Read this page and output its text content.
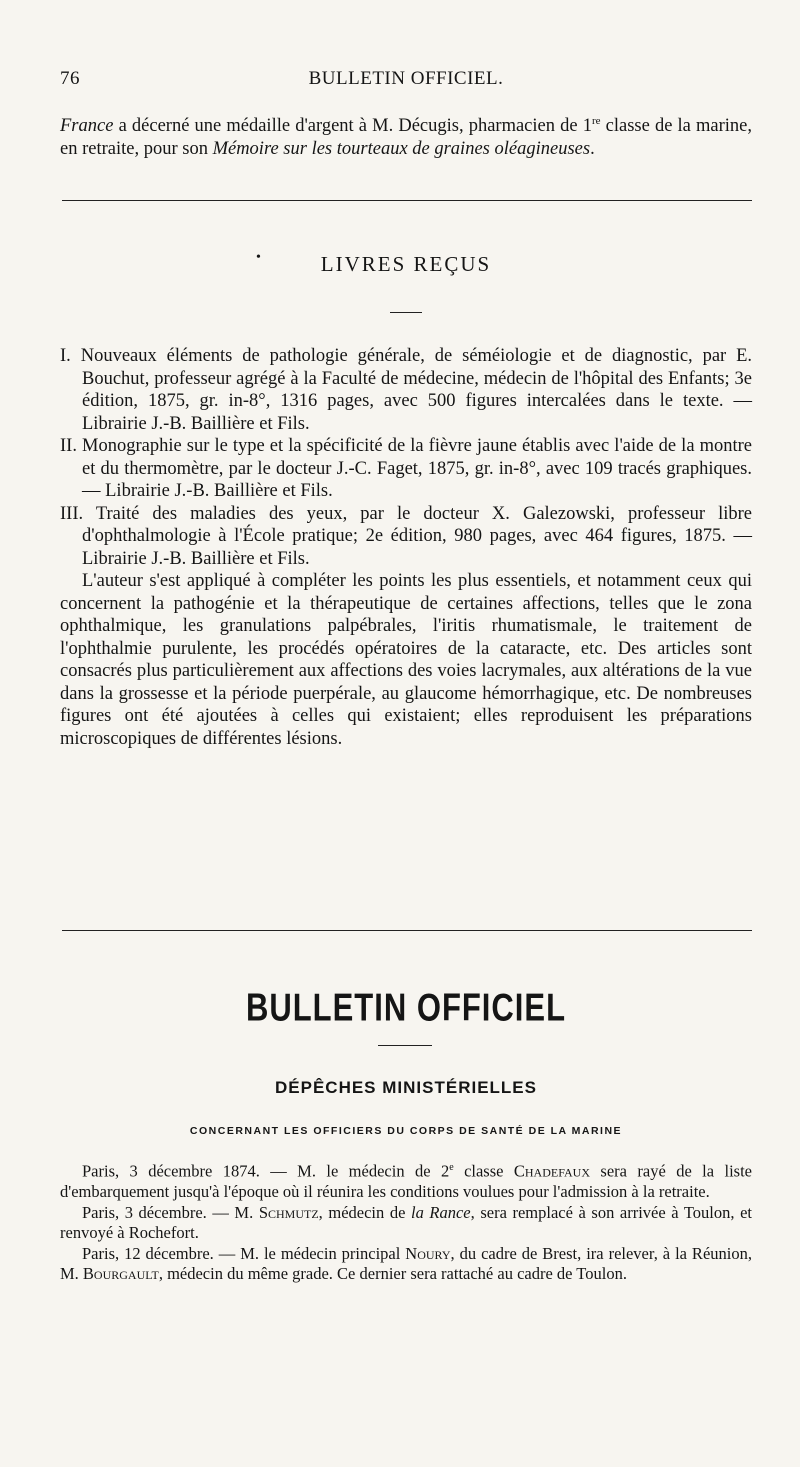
76	BULLETIN OFFICIEL.
France a décerné une médaille d'argent à M. Décugis, pharmacien de 1re classe de la marine, en retraite, pour son Mémoire sur les tourteaux de graines oléagineuses.
•	LIVRES REÇUS

I. Nouveaux éléments de pathologie générale, de séméiologie et de diagnostic, par E. Bouchut, professeur agrégé à la Faculté de médecine, médecin de l'hôpital des Enfants; 3e édition, 1875, gr. in-8°, 1316 pages, avec 500 figures intercalées dans le texte. — Librairie J.-B. Baillière et Fils.

II. Monographie sur le type et la spécificité de la fièvre jaune établis avec l'aide de la montre et du thermomètre, par le docteur J.-C. Faget, 1875, gr. in-8°, avec 109 tracés graphiques. — Librairie J.-B. Baillière et Fils.

III. Traité des maladies des yeux, par le docteur X. Galezowski, professeur libre d'ophthalmologie à l'École pratique; 2e édition, 980 pages, avec 464 figures, 1875. — Librairie J.-B. Baillière et Fils.

L'auteur s'est appliqué à compléter les points les plus essentiels, et notamment ceux qui concernent la pathogénie et la thérapeutique de certaines affections, telles que le zona ophthalmique, les granulations palpébrales, l'iritis rhumatismale, le traitement de l'ophthalmie purulente, les procédés opératoires de la cataracte, etc. Des articles sont consacrés plus particulièrement aux affections des voies lacrymales, aux altérations de la vue dans la grossesse et la période puerpérale, au glaucome hémorrhagique, etc. De nombreuses figures ont été ajoutées à celles qui existaient; elles reproduisent les préparations microscopiques de différentes lésions.

BULLETIN OFFICIEL
DÉPÊCHES MINISTÉRIELLES
CONCERNANT LES OFFICIERS DU CORPS DE SANTÉ DE LA MARINE

Paris, 3 décembre 1874. — M. le médecin de 2e classe Chadefaux sera rayé de la liste d'embarquement jusqu'à l'époque où il réunira les conditions voulues pour l'admission à la retraite.

Paris, 3 décembre. — M. Schmutz, médecin de la Rance, sera remplacé à son arrivée à Toulon, et renvoyé à Rochefort.

Paris, 12 décembre. — M. le médecin principal Noury, du cadre de Brest, ira relever, à la Réunion, M. Bourgault, médecin du même grade. Ce dernier sera rattaché au cadre de Toulon.
